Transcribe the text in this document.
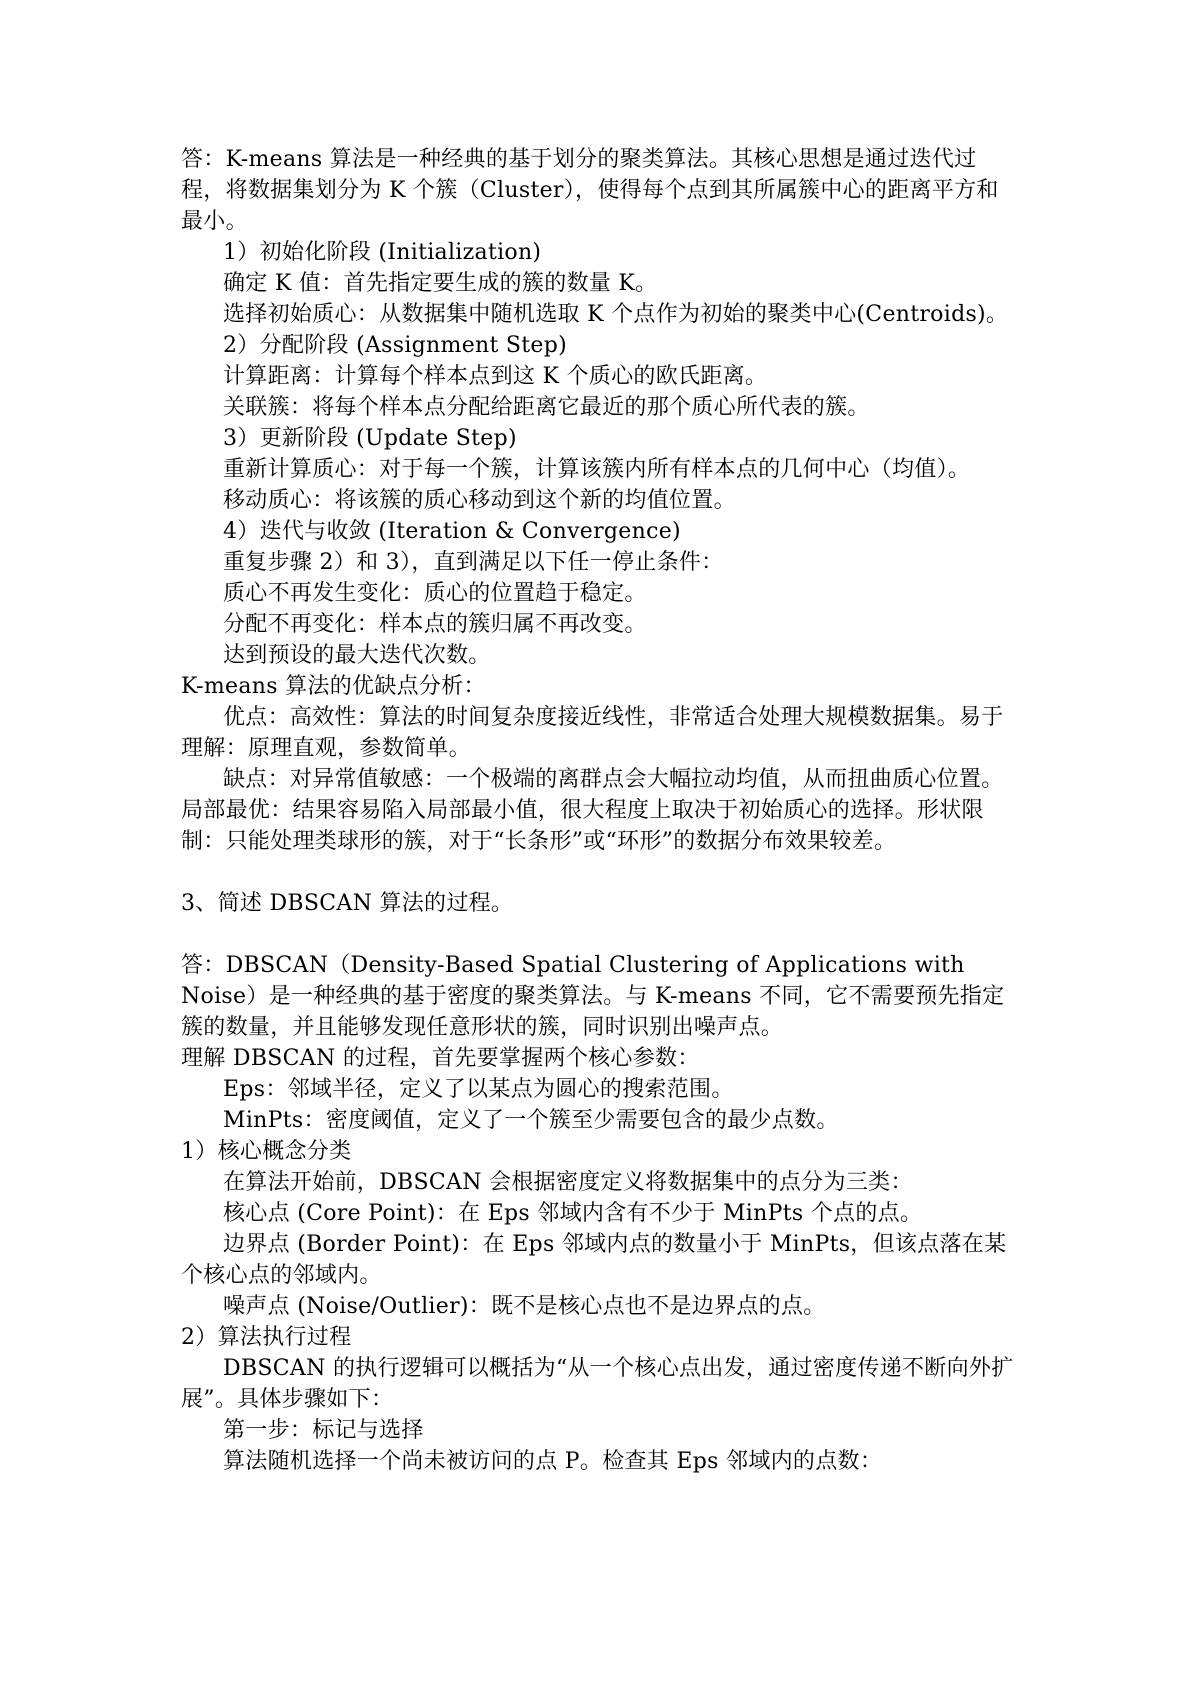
答：K-means 算法是一种经典的基于划分的聚类算法。其核心思想是通过迭代过程，将数据集划分为 K 个簇（Cluster），使得每个点到其所属簇中心的距离平方和最小。

1）初始化阶段 (Initialization)

确定 K 值：首先指定要生成的簇的数量 K。

选择初始质心：从数据集中随机选取 K 个点作为初始的聚类中心(Centroids)。

2）分配阶段 (Assignment Step)

计算距离：计算每个样本点到这 K 个质心的欧氏距离。

关联簇：将每个样本点分配给距离它最近的那个质心所代表的簇。

3）更新阶段 (Update Step)

重新计算质心：对于每一个簇，计算该簇内所有样本点的几何中心（均值）。

移动质心：将该簇的质心移动到这个新的均值位置。

4）迭代与收敛 (Iteration & Convergence)

重复步骤 2）和 3），直到满足以下任一停止条件：

质心不再发生变化：质心的位置趋于稳定。

分配不再变化：样本点的簇归属不再改变。

达到预设的最大迭代次数。

K-means 算法的优缺点分析：

优点：高效性：算法的时间复杂度接近线性，非常适合处理大规模数据集。易于理解：原理直观，参数简单。

缺点：对异常值敏感：一个极端的离群点会大幅拉动均值，从而扭曲质心位置。局部最优：结果容易陷入局部最小值，很大程度上取决于初始质心的选择。形状限制：只能处理类球形的簇，对于“长条形”或“环形”的数据分布效果较差。

3、简述 DBSCAN 算法的过程。

答：DBSCAN（Density-Based Spatial Clustering of Applications with Noise）是一种经典的基于密度的聚类算法。与 K-means 不同，它不需要预先指定簇的数量，并且能够发现任意形状的簇，同时识别出噪声点。

理解 DBSCAN 的过程，首先要掌握两个核心参数：

Eps：邻域半径，定义了以某点为圆心的搜索范围。

MinPts：密度阈值，定义了一个簇至少需要包含的最少点数。

1）核心概念分类

在算法开始前，DBSCAN 会根据密度定义将数据集中的点分为三类：

核心点 (Core Point)：在 Eps 邻域内含有不少于 MinPts 个点的点。

边界点 (Border Point)：在 Eps 邻域内点的数量小于 MinPts，但该点落在某个核心点的邻域内。

噪声点 (Noise/Outlier)：既不是核心点也不是边界点的点。

2）算法执行过程

DBSCAN 的执行逻辑可以概括为“从一个核心点出发，通过密度传递不断向外扩展”。具体步骤如下：

第一步：标记与选择

算法随机选择一个尚未被访问的点 P。检查其 Eps 邻域内的点数：
